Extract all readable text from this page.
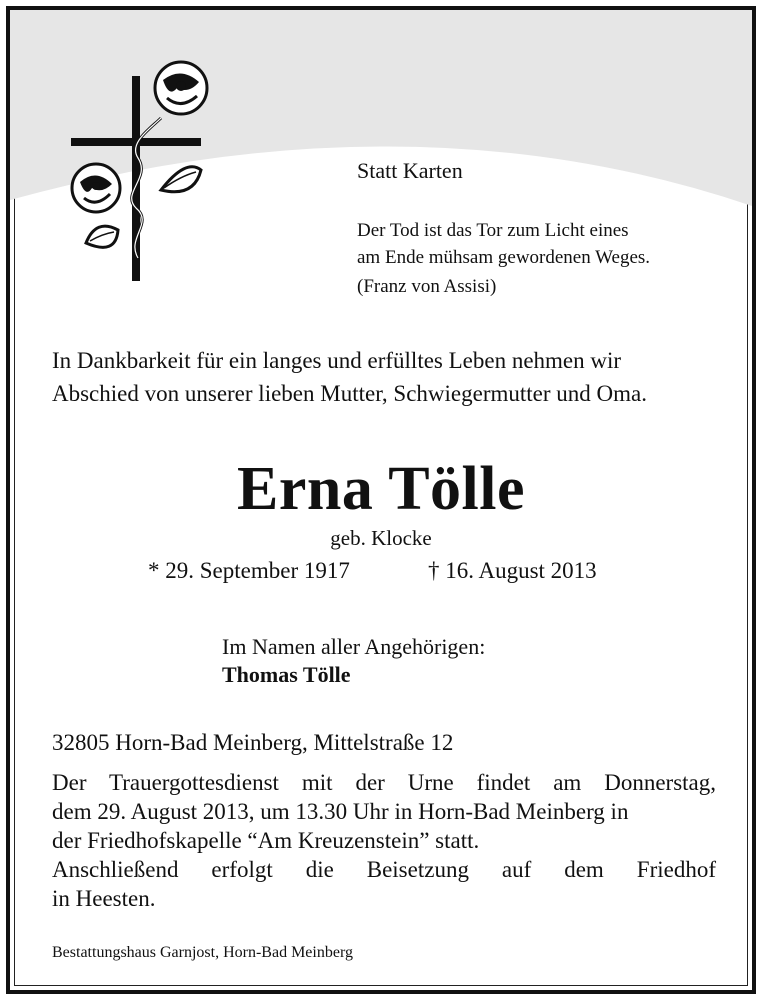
Statt Karten
Der Tod ist das Tor zum Licht eines
am Ende mühsam gewordenen Weges.
(Franz von Assisi)
In Dankbarkeit für ein langes und erfülltes Leben nehmen wir
Abschied von unserer lieben Mutter, Schwiegermutter und Oma.
Erna Tölle
geb. Klocke
* 29. September 1917	† 16. August 2013
Im Namen aller Angehörigen:
Thomas Tölle
32805 Horn-Bad Meinberg, Mittelstraße 12
Der Trauergottesdienst mit der Urne findet am Donnerstag,
dem 29. August 2013, um 13.30 Uhr in Horn-Bad Meinberg in
der Friedhofskapelle “Am Kreuzenstein” statt.
Anschließend erfolgt die Beisetzung auf dem Friedhof
in Heesten.
Bestattungshaus Garnjost, Horn-Bad Meinberg
